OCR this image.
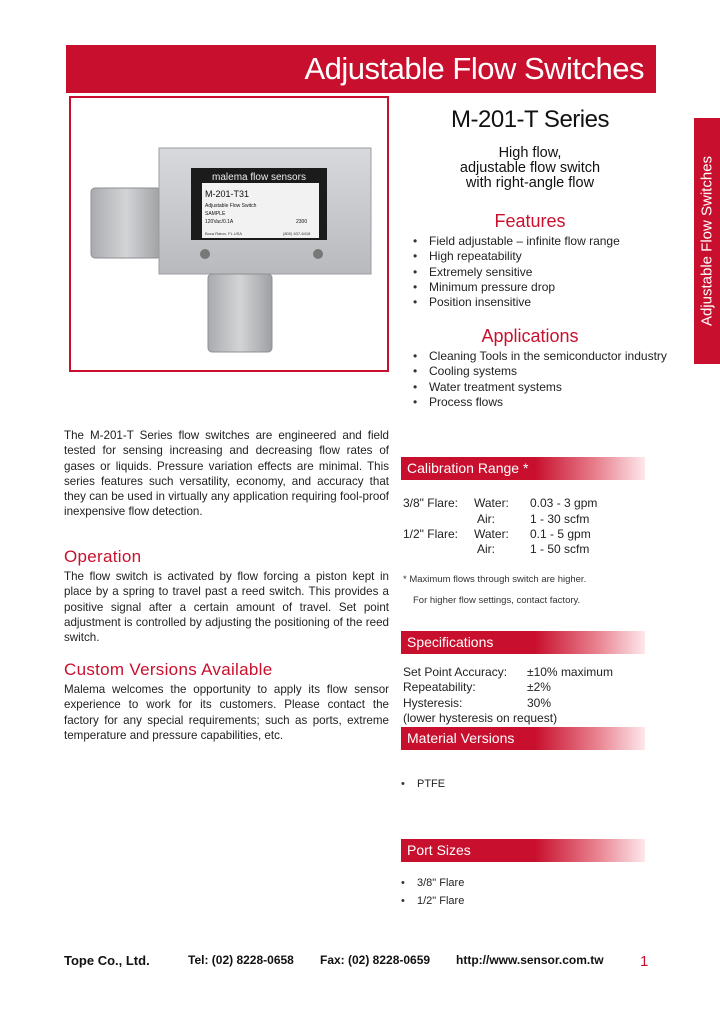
Adjustable Flow Switches
Adjustable Flow Switches
malema flow sensors
M-201-T31
Adjustable Flow Switch
SAMPLE
120Vac/0.1A	2300
Boca Raton, FL USA	(800) 637-6418
M-201-T Series
High flow,
adjustable flow switch
with right-angle flow
Features
• Field adjustable – infinite flow range
• High repeatability
• Extremely sensitive
• Minimum pressure drop
• Position insensitive
Applications
• Cleaning Tools in the semiconductor industry
• Cooling systems
• Water treatment systems
• Process flows
The M-201-T Series flow switches are engineered and field tested for sensing increasing and decreasing flow rates of gases or liquids. Pressure variation effects are minimal. This series features such versatility, economy, and accuracy that they can be used in virtually any application requiring fool-proof inexpensive flow detection.
Operation
The flow switch is activated by flow forcing a piston kept in place by a spring to travel past a reed switch. This provides a positive signal after a certain amount of travel. Set point adjustment is controlled by adjusting the positioning of the reed switch.
Custom Versions Available
Malema welcomes the opportunity to apply its flow sensor experience to work for its customers. Please contact the factory for any special requirements; such as ports, extreme temperature and pressure capabilities, etc.
Calibration Range *
3/8" Flare: Water: 0.03 - 3 gpm
Air:	1 - 30 scfm
1/2" Flare: Water: 0.1 - 5 gpm
Air:	1 - 50 scfm
* Maximum flows through switch are higher.
For higher flow settings, contact factory.
Specifications
Set Point Accuracy: ±10% maximum
Repeatability:	±2%
Hysteresis:	30%
(lower hysteresis on request)
Material Versions
• PTFE
Port Sizes
• 3/8" Flare
• 1/2" Flare
Tope Co., Ltd.	Tel: (02) 8228-0658 Fax: (02) 8228-0659 http://www.sensor.com.tw 1
